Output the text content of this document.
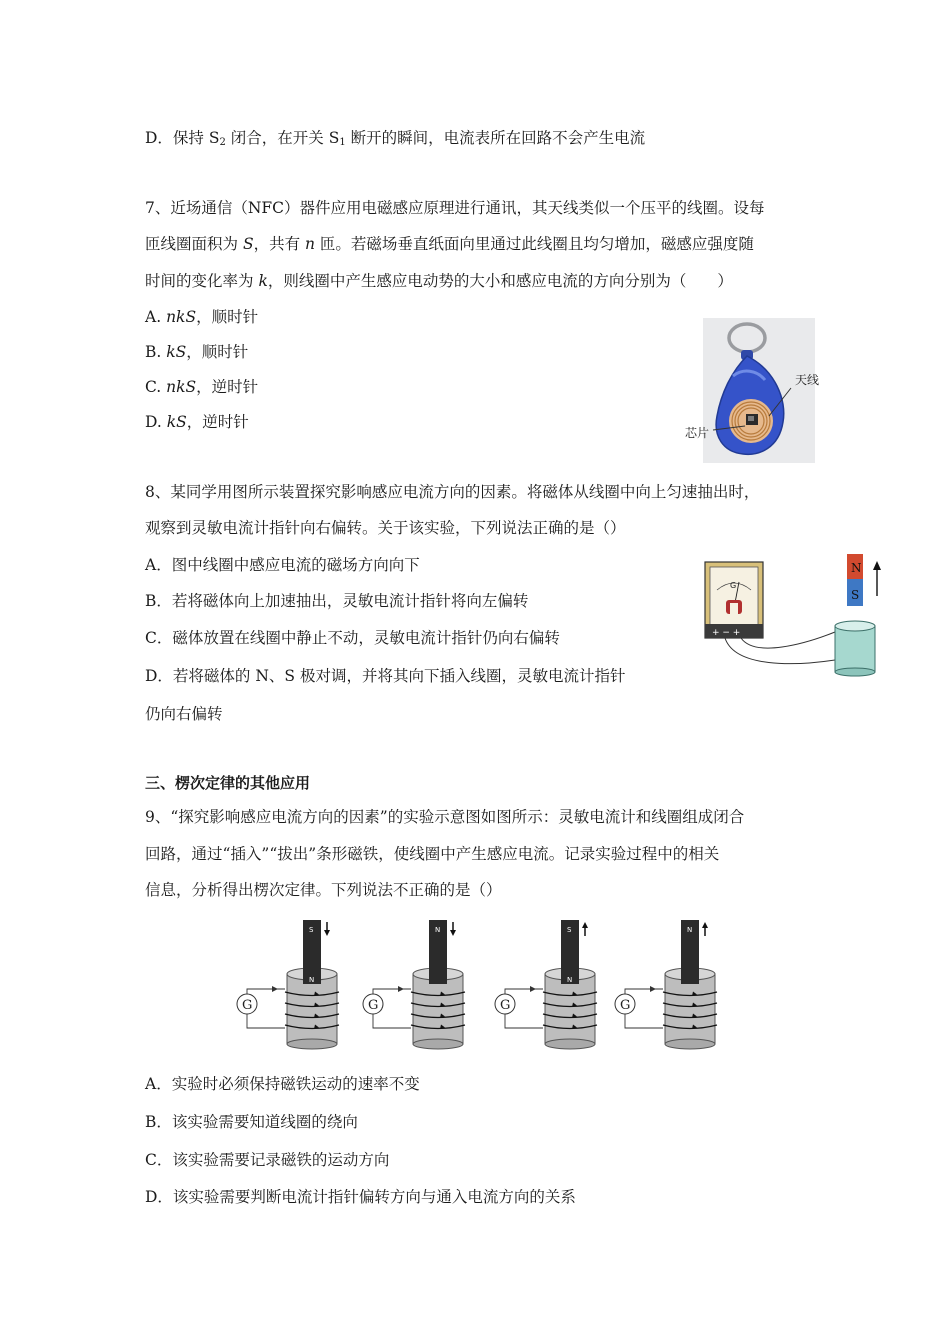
D．保持 $S_2$ 闭合，在开关 $S_1$ 断开的瞬间，电流表所在回路不会产生电流
7、近场通信（NFC）器件应用电磁感应原理进行通讯，其天线类似一个压平的线圈。设每
匝线圈面积为 S，共有 n 匝。若磁场垂直纸面向里通过此线圈且均匀增加，磁感应强度随
时间的变化率为 k，则线圈中产生感应电动势的大小和感应电流的方向分别为（　　）
A. nkS，顺时针
B. kS，顺时针
C. nkS，逆时针
D. kS，逆时针
天线
芯片
8、某同学用图所示装置探究影响感应电流方向的因素。将磁体从线圈中向上匀速抽出时，
观察到灵敏电流计指针向右偏转。关于该实验，下列说法正确的是（）
A．图中线圈中感应电流的磁场方向向下
B．若将磁体向上加速抽出，灵敏电流计指针将向左偏转
C．磁体放置在线圈中静止不动，灵敏电流计指针仍向右偏转
D．若将磁体的 N、S 极对调，并将其向下插入线圈，灵敏电流计指针
仍向右偏转
G
+ − +
N
S
三、楞次定律的其他应用
9、“探究影响感应电流方向的因素”的实验示意图如图所示：灵敏电流计和线圈组成闭合
回路，通过“插入”“拔出”条形磁铁，使线圈中产生感应电流。记录实验过程中的相关
信息，分析得出楞次定律。下列说法不正确的是（）
S
N
G
N
G
S
N
G
N
G
A．实验时必须保持磁铁运动的速率不变
B．该实验需要知道线圈的绕向
C．该实验需要记录磁铁的运动方向
D．该实验需要判断电流计指针偏转方向与通入电流方向的关系
